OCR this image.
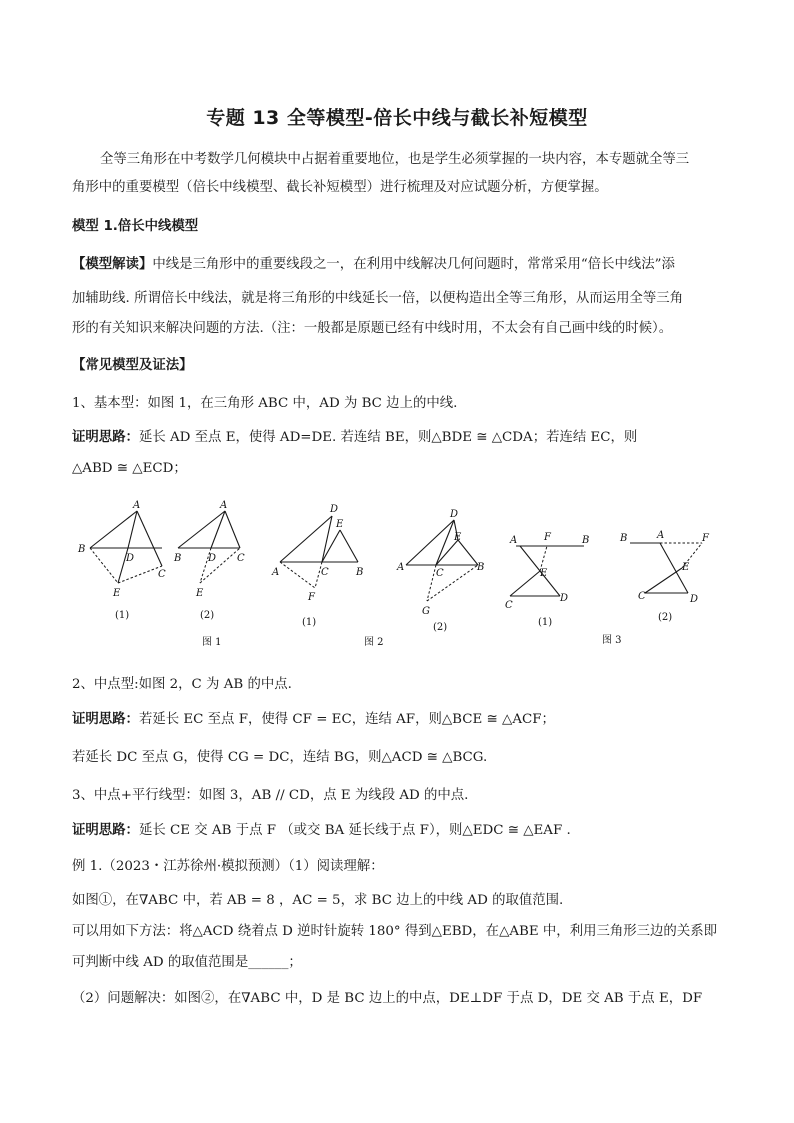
专题 13 全等模型-倍长中线与截长补短模型
全等三角形在中考数学几何模块中占据着重要地位，也是学生必须掌握的一块内容，本专题就全等三
角形中的重要模型（倍长中线模型、截长补短模型）进行梳理及对应试题分析，方便掌握。
模型 1.倍长中线模型
【模型解读】中线是三角形中的重要线段之一，在利用中线解决几何问题时，常常采用“倍长中线法”添
加辅助线. 所谓倍长中线法，就是将三角形的中线延长一倍，以便构造出全等三角形，从而运用全等三角
形的有关知识来解决问题的方法.（注：一般都是原题已经有中线时用，不太会有自己画中线的时候）。
【常见模型及证法】
1、基本型：如图 1，在三角形 ABC 中，AD 为 BC 边上的中线.
证明思路：延长 AD 至点 E，使得 AD=DE. 若连结 BE，则△BDE ≅ △CDA；若连结 EC，则
△ABD ≅ △ECD；
A
B
D
C
E
(1)
A
B	D C
E
(2)
图 1
D
E
A	C	B
F
(1)
图 2
D
E
A
C
B
G
(2)
A	F	B
E
C
D
(1)
图 3
B	A	F
E
C	D
(2)
2、中点型:如图 2，C 为 AB 的中点.
证明思路：若延长 EC 至点 F，使得 CF = EC，连结 AF，则△BCE ≅ △ACF；
若延长 DC 至点 G，使得 CG = DC，连结 BG，则△ACD ≅ △BCG.
3、中点+平行线型：如图 3，AB // CD，点 E 为线段 AD 的中点.
证明思路：延长 CE 交 AB 于点 F （或交 BA 延长线于点 F），则△EDC ≅ △EAF .
例 1.（2023・江苏徐州·模拟预测）（1）阅读理解：
如图①，在∇ABC 中，若 AB = 8 ，AC = 5，求 BC 边上的中线 AD 的取值范围.
可以用如下方法：将△ACD 绕着点 D 逆时针旋转 180° 得到△EBD，在△ABE 中，利用三角形三边的关系即
可判断中线 AD 的取值范围是______；
（2）问题解决：如图②，在∇ABC 中，D 是 BC 边上的中点，DE⊥DF 于点 D，DE 交 AB 于点 E，DF
